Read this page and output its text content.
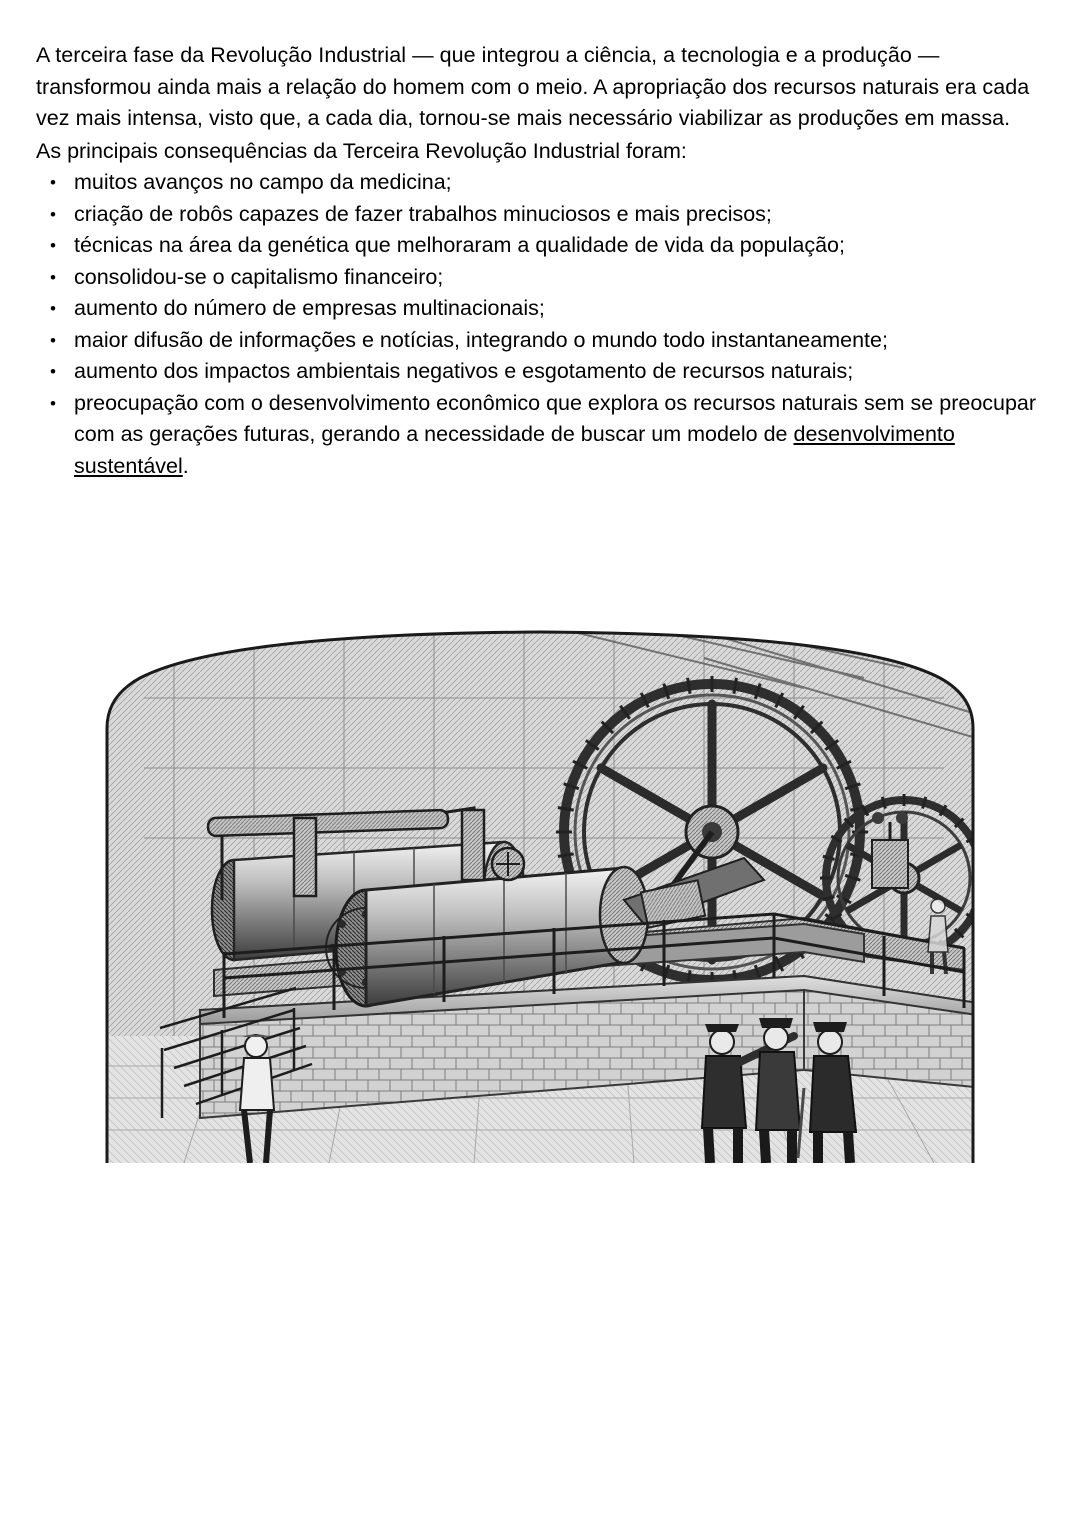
A terceira fase da Revolução Industrial — que integrou a ciência, a tecnologia e a produção — transformou ainda mais a relação do homem com o meio. A apropriação dos recursos naturais era cada vez mais intensa, visto que, a cada dia, tornou-se mais necessário viabilizar as produções em massa.

As principais consequências da Terceira Revolução Industrial foram:

• muitos avanços no campo da medicina;
• criação de robôs capazes de fazer trabalhos minuciosos e mais precisos;
• técnicas na área da genética que melhoraram a qualidade de vida da população;
• consolidou-se o capitalismo financeiro;
• aumento do número de empresas multinacionais;
• maior difusão de informações e notícias, integrando o mundo todo instantaneamente;
• aumento dos impactos ambientais negativos e esgotamento de recursos naturais;
• preocupação com o desenvolvimento econômico que explora os recursos naturais sem se preocupar com as gerações futuras, gerando a necessidade de buscar um modelo de desenvolvimento sustentável.
